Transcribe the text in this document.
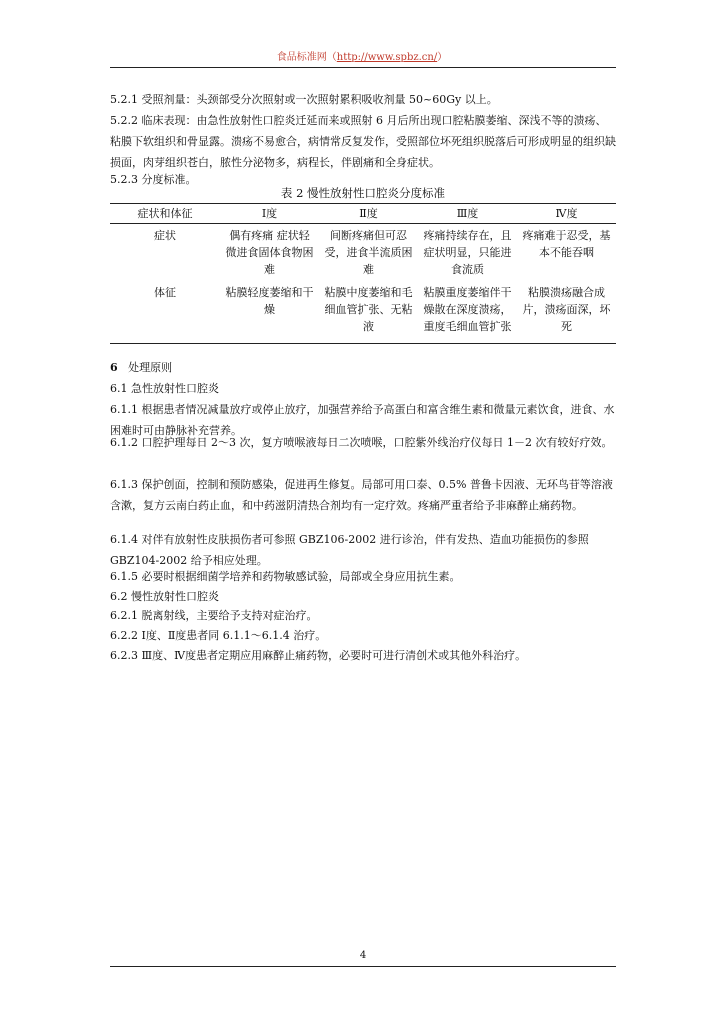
食品标准网（http://www.spbz.cn/）
5.2.1 受照剂量：头颈部受分次照射或一次照射累积吸收剂量 50~60Gy 以上。
5.2.2 临床表现：由急性放射性口腔炎迁延而来或照射 6 月后所出现口腔粘膜萎缩、深浅不等的溃疡、粘膜下软组织和骨显露。溃疡不易愈合，病情常反复发作，受照部位坏死组织脱落后可形成明显的组织缺损面，肉芽组织苍白，脓性分泌物多，病程长，伴剧痛和全身症状。
5.2.3 分度标准。
表 2 慢性放射性口腔炎分度标准
症状和体征	Ⅰ度	Ⅱ度	Ⅲ度	Ⅳ度
症状	偶有疼痛 症状轻微进食固体食物困难	间断疼痛但可忍受，进食半流质困难	疼痛持续存在，且症状明显，只能进食流质	疼痛难于忍受，基本不能吞咽
体征	粘膜轻度萎缩和干燥	粘膜中度萎缩和毛细血管扩张、无粘液	粘膜重度萎缩伴干燥散在深度溃疡，重度毛细血管扩张	粘膜溃疡融合成片，溃疡面深，坏死
6 处理原则
6.1 急性放射性口腔炎
6.1.1 根据患者情况减量放疗或停止放疗，加强营养给予高蛋白和富含维生素和微量元素饮食，进食、水困难时可由静脉补充营养。
6.1.2 口腔护理每日 2～3 次，复方喷喉液每日二次喷喉，口腔紫外线治疗仪每日 1－2 次有较好疗效。
6.1.3 保护创面，控制和预防感染，促进再生修复。局部可用口泰、0.5% 普鲁卡因液、无环鸟苷等溶液含漱，复方云南白药止血，和中药滋阴清热合剂均有一定疗效。疼痛严重者给予非麻醉止痛药物。
6.1.4 对伴有放射性皮肤损伤者可参照 GBZ106-2002 进行诊治，伴有发热、造血功能损伤的参照 GBZ104-2002 给予相应处理。
6.1.5 必要时根据细菌学培养和药物敏感试验，局部或全身应用抗生素。
6.2 慢性放射性口腔炎
6.2.1 脱离射线，主要给予支持对症治疗。
6.2.2 Ⅰ度、Ⅱ度患者同 6.1.1～6.1.4 治疗。
6.2.3 Ⅲ度、Ⅳ度患者定期应用麻醉止痛药物，必要时可进行清创术或其他外科治疗。
4
